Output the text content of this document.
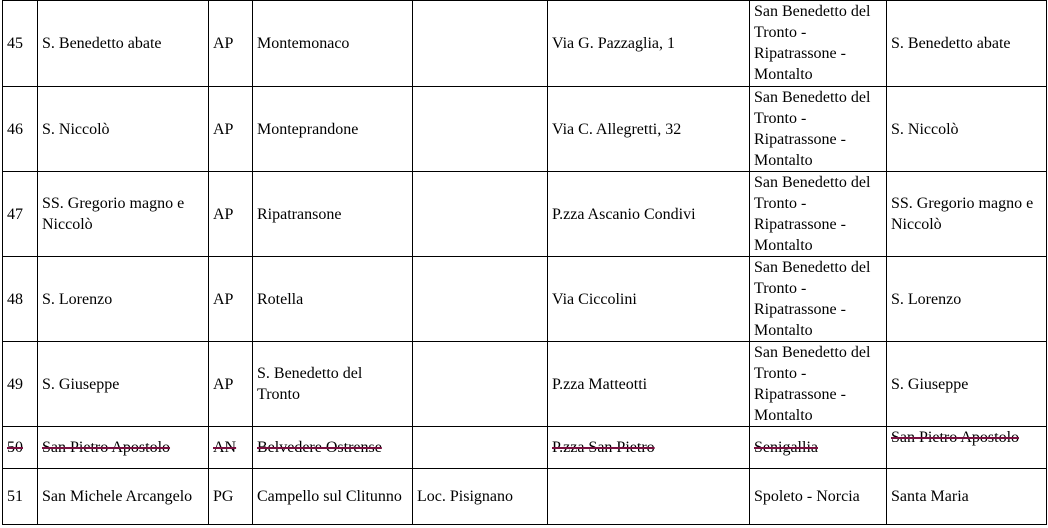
45	S. Benedetto abate	AP	Montemonaco		Via G. Pazzaglia, 1	San Benedetto del Tronto - Ripatrassone - Montalto	S. Benedetto abate
46	S. Niccolò	AP	Monteprandone		Via C. Allegretti, 32	San Benedetto del Tronto - Ripatrassone - Montalto	S. Niccolò
47	SS. Gregorio magno e Niccolò	AP	Ripatransone		P.zza Ascanio Condivi	San Benedetto del Tronto - Ripatrassone - Montalto	SS. Gregorio magno e Niccolò
48	S. Lorenzo	AP	Rotella		Via Ciccolini	San Benedetto del Tronto - Ripatrassone - Montalto	S. Lorenzo
49	S. Giuseppe	AP	S. Benedetto del Tronto		P.zza Matteotti	San Benedetto del Tronto - Ripatrassone - Montalto	S. Giuseppe
50	San Pietro Apostolo	AN	Belvedere Ostrense		P.zza San Pietro	Senigallia	San Pietro Apostolo
51	San Michele Arcangelo	PG	Campello sul Clitunno	Loc. Pisignano		Spoleto - Norcia	Santa Maria
